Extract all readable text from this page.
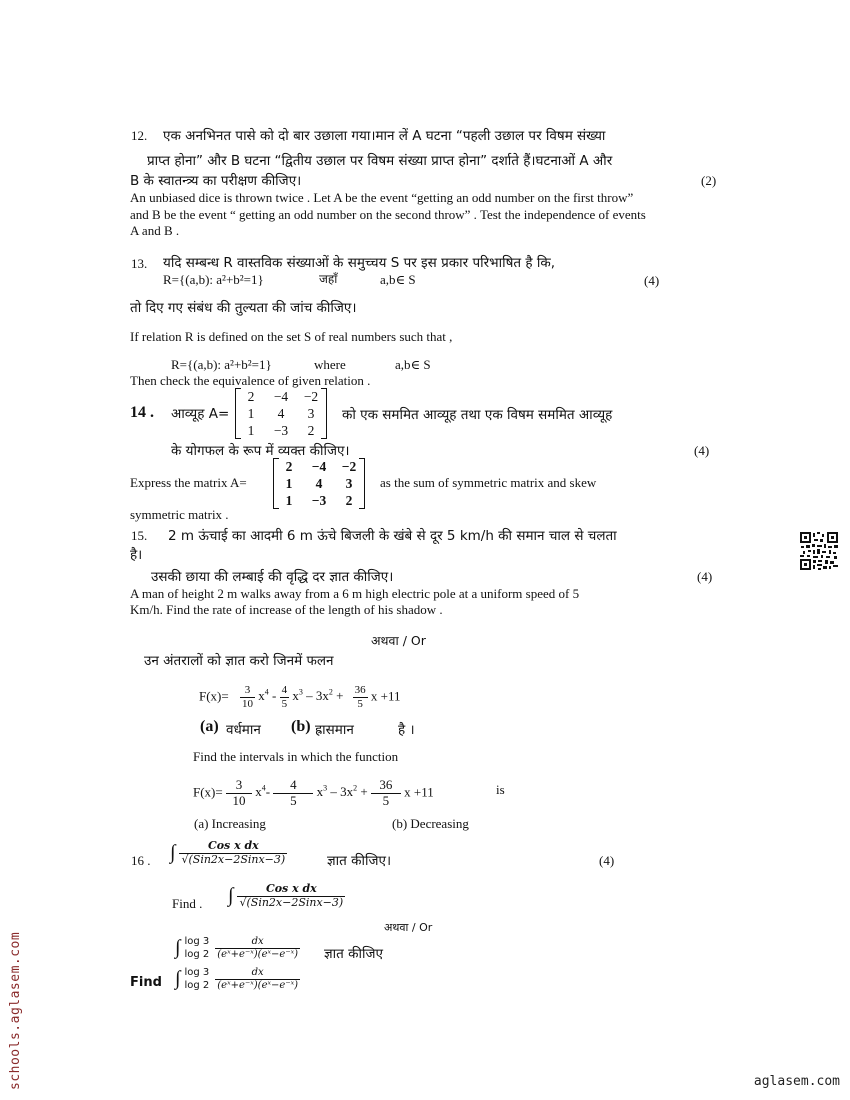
12. एक अनभिनत पासे को दो बार उछाला गया।मान लें A घटना “पहली उछाल पर विषम संख्या
प्राप्त होना” और B घटना “द्वितीय उछाल पर विषम संख्या प्राप्त होना” दर्शाते हैं।घटनाओं A और
B के स्वातन्त्र्य का परीक्षण कीजिए।	(2)
An unbiased dice is thrown twice . Let A be the event “getting an odd number on the first throw”
and B be the event “ getting an odd number on the second throw” . Test the independence of events
A and B .
13. यदि सम्बन्ध R वास्तविक संख्याओं के समुच्चय S पर इस प्रकार परिभाषित है कि,
R={(a,b): a²+b²=1}	जहाँ	a,b∈ S	(4)
तो दिए गए संबंध की तुल्यता की जांच कीजिए।
If relation R is defined on the set S of real numbers such that ,
R={(a,b): a²+b²=1}	where	a,b∈ S
Then check the equivalence of given relation .
14 . आव्यूह A=
2	−4	−2
1	4	3
1	−3	2
को एक सममित आव्यूह तथा एक विषम सममित आव्यूह
के योगफल के रूप में व्यक्त कीजिए।	(4)
Express the matrix A=
2	−4	−2
1	4	3
1	−3	2
as the sum of symmetric matrix and skew
symmetric matrix .
15. 2 m ऊंचाई का आदमी 6 m ऊंचे बिजली के खंबे से दूर 5 km/h की समान चाल से चलता
है।
उसकी छाया की लम्बाई की वृद्धि दर ज्ञात कीजिए।	(4)
A man of height 2 m walks away from a 6 m high electric pole at a uniform speed of 5
Km/h. Find the rate of increase of the length of his shadow .
अथवा / Or
उन अंतरालों को ज्ञात करो जिनमें फलन
$F(x)= \frac{3}{10} x^4 - \frac{4}{5} x^3 - 3x^2 + \frac{36}{5}$ x +11
(a) वर्धमान (b) ह्रासमान	है ।
Find the intervals in which the function
$F(x)= \frac{3}{10} x^4- \frac{4}{5} x^3 - 3x^2 + \frac{36}{5}$ x +11	is
(a) Increasing	(b) Decreasing
16 . ∫	Cos x dx
√(Sin2x−2Sinx−3)	ज्ञात कीजिए।	(4)
Find . ∫	Cos x dx
√(Sin2x−2Sinx−3)
अथवा / Or
∫ log 3
log 2
$\frac{dx}{\text{(eˣ+e⁻ˣ)(eˣ−e⁻ˣ)}}$ ज्ञात कीजिए
Find ∫ log 3
log 2
$\frac{dx}{\text{(eˣ+e⁻ˣ)(eˣ−e⁻ˣ)}}$
schools.aglasem.com	aglasem.com
